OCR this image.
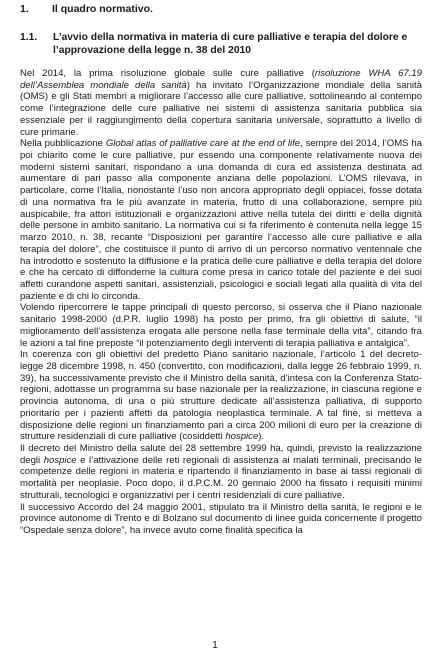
1. Il quadro normativo.
1.1. L’avvio della normativa in materia di cure palliative e terapia del dolore e l’approvazione della legge n. 38 del 2010

Nel 2014, la prima risoluzione globale sulle cure palliative (risoluzione WHA 67.19 dell’Assemblea mondiale della sanità) ha invitato l’Organizzazione mondiale della sanità (OMS) e gli Stati membri a migliorare l’accesso alle cure palliative, sottolineando al contempo come l’integrazione delle cure palliative nei sistemi di assistenza sanitaria pubblica sia essenziale per il raggiungimento della copertura sanitaria universale, soprattutto a livello di cure primarie.

Nella pubblicazione Global atlas of palliative care at the end of life, sempre del 2014, l’OMS ha poi chiarito come le cure palliative, pur essendo una componente relativamente nuova dei moderni sistemi sanitari, rispondano a una domanda di cura ed assistenza destinata ad aumentare di pari passo alla componente anziana delle popolazioni. L’OMS rilevava, in particolare, come l’Italia, nonostante l’uso non ancora appropriato degli oppiacei, fosse dotata di una normativa fra le più avanzate in materia, frutto di una collaborazione, sempre più auspicabile, fra attori istituzionali e organizzazioni attive nella tutela dei diritti e della dignità delle persone in ambito sanitario. La normativa cui si fa riferimento è contenuta nella legge 15 marzo 2010, n. 38, recante “Disposizioni per garantire l’accesso alle cure palliative e alla terapia del dolore”, che costituisce il punto di arrivo di un percorso normativo ventennale che ha introdotto e sostenuto la diffusione e la pratica delle cure palliative e della terapia del dolore e che ha cercato di diffonderne la cultura come presa in carico totale del paziente e dei suoi affetti curandone aspetti sanitari, assistenziali, psicologici e sociali legati alla qualità di vita del paziente e di chi lo circonda.

Volendo ripercorrere le tappe principali di questo percorso, si osserva che il Piano nazionale sanitario 1998-2000 (d.P.R. luglio 1998) ha posto per primo, fra gli obiettivi di salute, “il miglioramento dell’assistenza erogata alle persone nella fase terminale della vita”, citando fra le azioni a tal fine preposte “il potenziamento degli interventi di terapia palliativa e antalgica”.

In coerenza con gli obiettivi del predetto Piano sanitario nazionale, l’articolo 1 del decreto-legge 28 dicembre 1998, n. 450 (convertito, con modificazioni, dalla legge 26 febbraio 1999, n. 39), ha successivamente previsto che il Ministro della sanità, d’intesa con la Conferenza Stato-regioni, adottasse un programma su base nazionale per la realizzazione, in ciascuna regione e provincia autonoma, di una o più strutture dedicate all’assistenza palliativa, di supporto prioritario per i pazienti affetti da patologia neoplastica terminale. A tal fine, si metteva a disposizione delle regioni un finanziamento pari a circa 200 milioni di euro per la creazione di strutture residenziali di cure palliative (cosiddetti hospice).

Il decreto del Ministro della salute del 28 settembre 1999 ha, quindi, previsto la realizzazione degli hospice e l’attivazione delle reti regionali di assistenza ai malati terminali, precisando le competenze delle regioni in materia e ripartendo il finanziamento in base ai tassi regionali di mortalità per neoplasie. Poco dopo, il d.P.C.M. 20 gennaio 2000 ha fissato i requisiti minimi strutturali, tecnologici e organizzativi per i centri residenziali di cure palliative.

Il successivo Accordo del 24 maggio 2001, stipulato tra il Ministro della sanità, le regioni e le province autonome di Trento e di Bolzano sul documento di linee guida concernente il progetto “Ospedale senza dolore”, ha invece avuto come finalità specifica la

1
